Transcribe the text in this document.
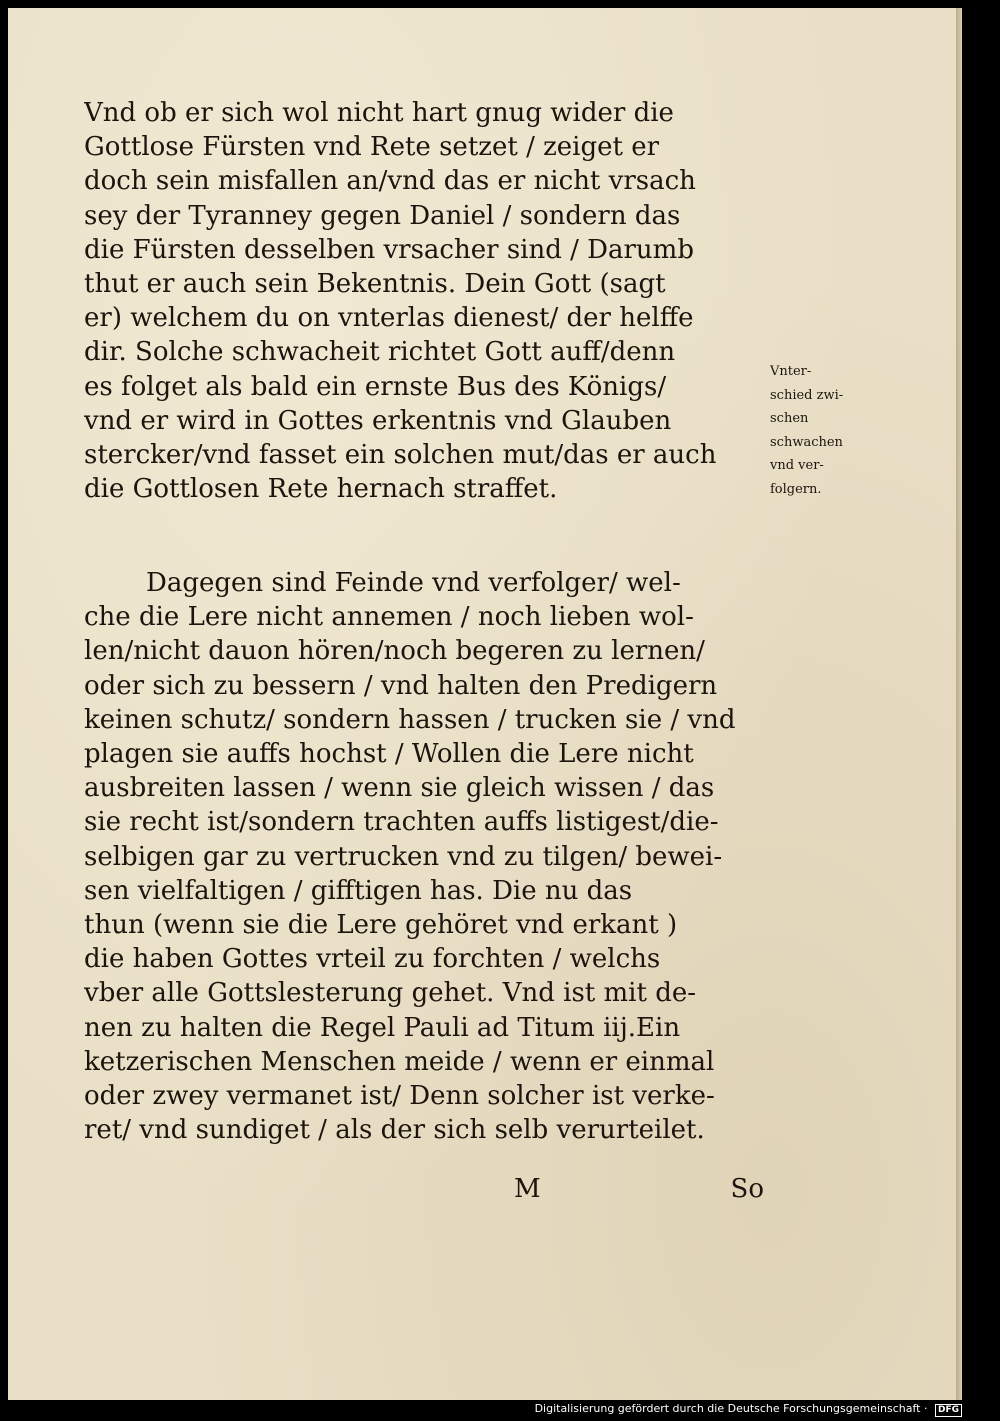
Vnd ob er sich wol nicht hart gnug wider die
Gottlose Fürsten vnd Rete setzet / zeiget er
doch sein misfallen an/vnd das er nicht vrsach
sey der Tyranney gegen Daniel / sondern das
die Fürsten desselben vrsacher sind / Darumb
thut er auch sein Bekentnis. Dein Gott (sagt
er) welchem du on vnterlas dienest/ der helffe
dir. Solche schwacheit richtet Gott auff/denn
es folget als bald ein ernste Bus des Königs/
vnd er wird in Gottes erkentnis vnd Glauben
stercker/vnd fasset ein solchen mut/das er auch
die Gottlosen Rete hernach straffet.
Vnter-
schied zwi-
schen
schwachen
vnd ver-
folgern.
Dagegen sind Feinde vnd verfolger/ wel-
che die Lere nicht annemen / noch lieben wol-
len/nicht dauon hören/noch begeren zu lernen/
oder sich zu bessern / vnd halten den Predigern
keinen schutz/ sondern hassen / trucken sie / vnd
plagen sie auffs hochst / Wollen die Lere nicht
ausbreiten lassen / wenn sie gleich wissen / das
sie recht ist/sondern trachten auffs listigest/die-
selbigen gar zu vertrucken vnd zu tilgen/ bewei-
sen vielfaltigen / gifftigen has. Die nu das
thun (wenn sie die Lere gehöret vnd erkant )
die haben Gottes vrteil zu forchten / welchs
vber alle Gottslesterung gehet. Vnd ist mit de-
nen zu halten die Regel Pauli ad Titum iij.Ein
ketzerischen Menschen meide / wenn er einmal
oder zwey vermanet ist/ Denn solcher ist verke-
ret/ vnd sundiget / als der sich selb verurteilet.
M	So
Digitalisierung gefördert durch die Deutsche Forschungsgemeinschaft · DFG
